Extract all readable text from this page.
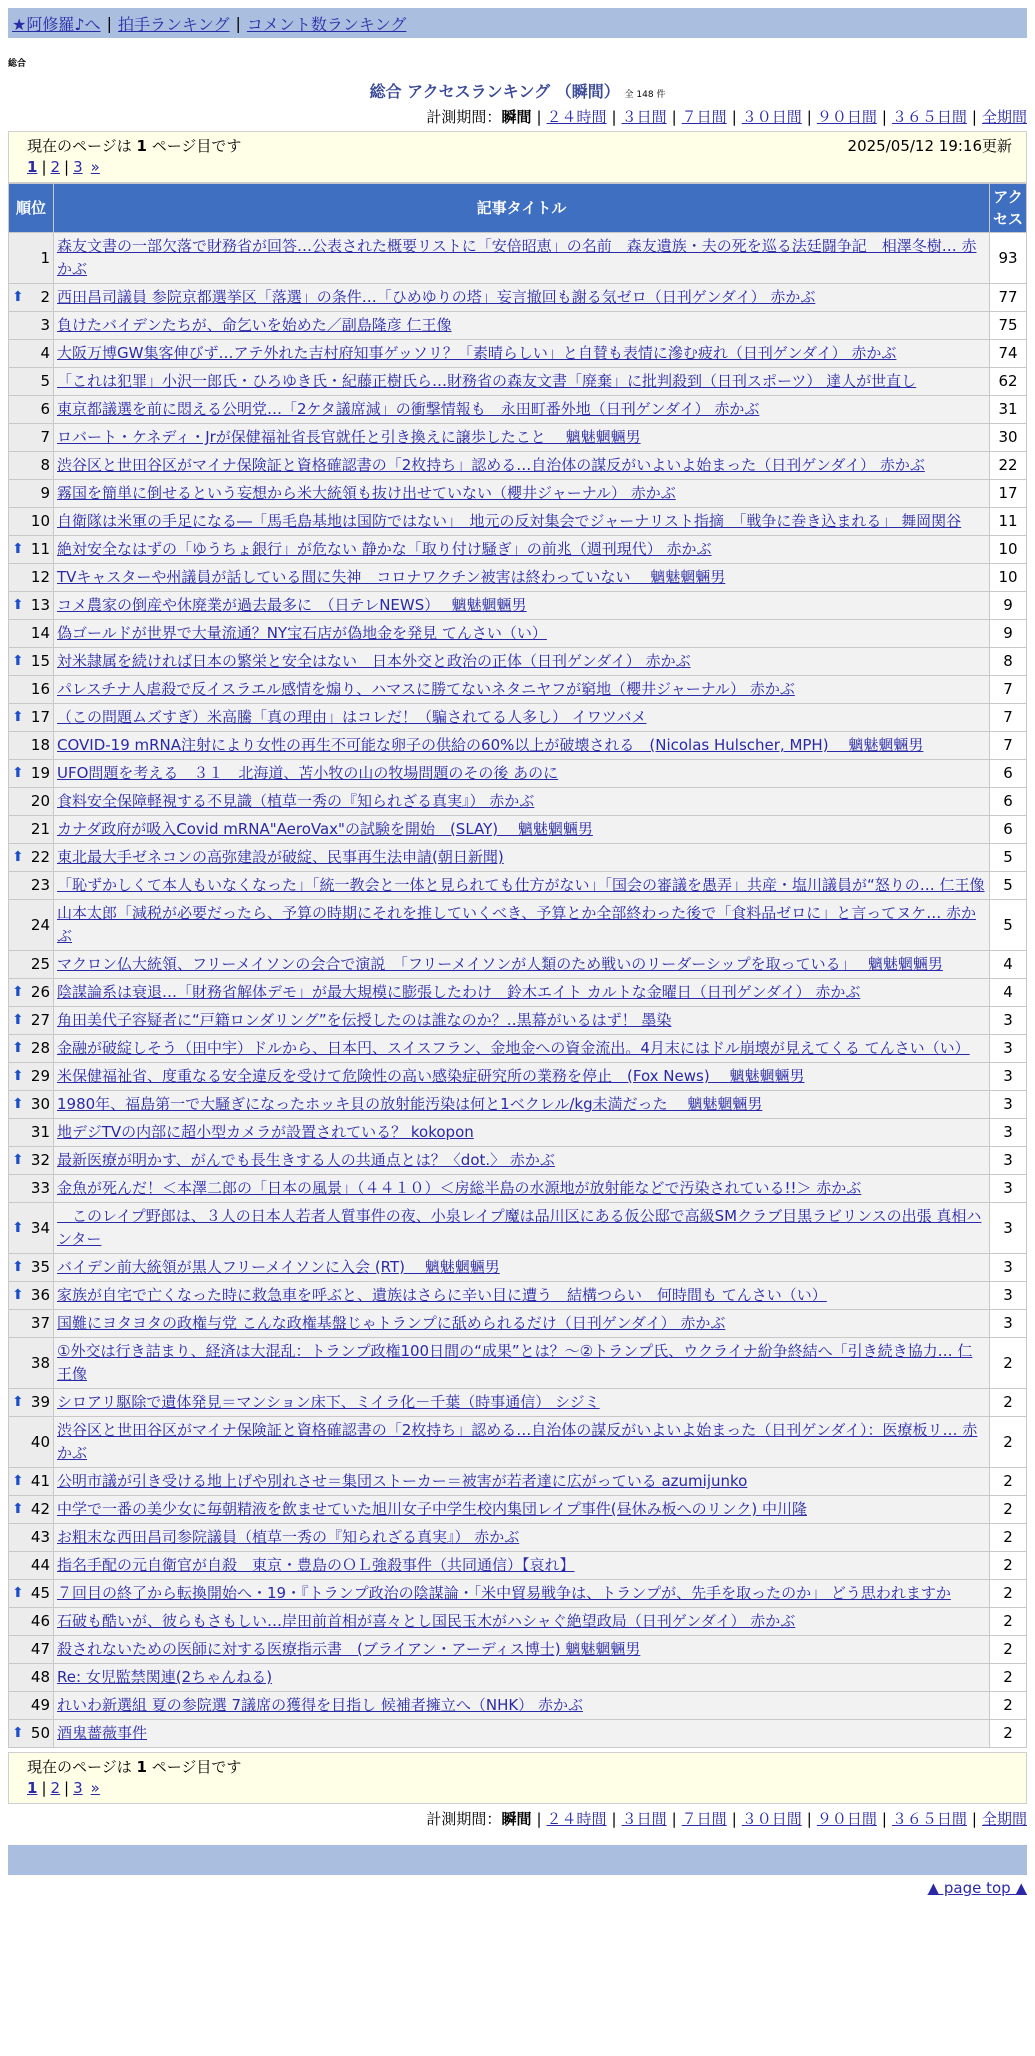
★阿修羅♪へ | 拍手ランキング | コメント数ランキング
総合
総合 アクセスランキング （瞬間） 全 148 件
計測期間：瞬間 | ２４時間 | ３日間 | ７日間 | ３０日間 | ９０日間 | ３６５日間 | 全期間
現在のページは 1 ページ目です	2025/05/12 19:16更新
1 | 2 | 3 »
順位	記事タイトル	アクセス
1	森友文書の一部欠落で財務省が回答…公表された概要リストに「安倍昭恵」の名前　森友遺族・夫の死を巡る法廷闘争記　相澤冬樹… 赤かぶ	93

⬆ 2	西田昌司議員 参院京都選挙区「落選」の条件…「ひめゆりの塔」妄言撤回も謝る気ゼロ（日刊ゲンダイ） 赤かぶ	77
3	負けたバイデンたちが、命乞いを始めた／副島隆彦 仁王像	75
4	大阪万博GW集客伸びず…アテ外れた吉村府知事ゲッソリ？「素晴らしい」と自賛も表情に滲む疲れ（日刊ゲンダイ） 赤かぶ	74
5	「これは犯罪」小沢一郎氏・ひろゆき氏・紀藤正樹氏ら…財務省の森友文書「廃棄」に批判殺到（日刊スポーツ） 達人が世直し	62
6	東京都議選を前に悶える公明党…「2ケタ議席減」の衝撃情報も　永田町番外地（日刊ゲンダイ） 赤かぶ	31
7	ロバート・ケネディ・Jrが保健福祉省長官就任と引き換えに譲歩したこと　 魑魅魍魎男	30
8	渋谷区と世田谷区がマイナ保険証と資格確認書の「2枚持ち」認める…自治体の謀反がいよいよ始まった（日刊ゲンダイ） 赤かぶ	22
9	霧国を簡単に倒せるという妄想から米大統領も抜け出せていない（櫻井ジャーナル） 赤かぶ	17
10	自衛隊は米軍の手足になる―「馬毛島基地は国防ではない」　地元の反対集会でジャーナリスト指摘　「戦争に巻き込まれる」 舞岡関谷	11

⬆ 11	絶対安全なはずの「ゆうちょ銀行」が危ない 静かな「取り付け騒ぎ」の前兆（週刊現代） 赤かぶ	10
12	TVキャスターや州議員が話している間に失神　コロナワクチン被害は終わっていない　 魑魅魍魎男	10

⬆ 13	コメ農家の倒産や休廃業が過去最多に　（日テレNEWS）　 魑魅魍魎男	9
14	偽ゴールドが世界で大量流通？NY宝石店が偽地金を発見 てんさい（い）	9

⬆ 15	対米隷属を続ければ日本の繁栄と安全はない　日本外交と政治の正体（日刊ゲンダイ） 赤かぶ	8
16	パレスチナ人虐殺で反イスラエル感情を煽り、ハマスに勝てないネタニヤフが窮地（櫻井ジャーナル） 赤かぶ	7

⬆ 17	（この問題ムズすぎ）米高騰「真の理由」はコレだ！（騙されてる人多し） イワツバメ	7
18	COVID-19 mRNA注射により女性の再生不可能な卵子の供給の60%以上が破壊される　(Nicolas Hulscher, MPH)　 魑魅魍魎男	7

⬆ 19	UFO問題を考える　３１　北海道、苫小牧の山の牧場問題のその後 あのに	6
20	食料安全保障軽視する不見識（植草一秀の『知られざる真実』） 赤かぶ	6
21	カナダ政府が吸入Covid mRNA"AeroVax"の試験を開始　(SLAY)　 魑魅魍魎男	6

⬆ 22	東北最大手ゼネコンの高弥建設が破綻、民事再生法申請(朝日新聞)	5
23	「恥ずかしくて本人もいなくなった」「統一教会と一体と見られても仕方がない」「国会の審議を愚弄」共産・塩川議員が“怒りの… 仁王像	5
24	山本太郎「減税が必要だったら、予算の時期にそれを推していくべき、予算とか全部終わった後で「食料品ゼロに」と言ってヌケ… 赤かぶ	5
25	マクロン仏大統領、フリーメイソンの会合で演説　「フリーメイソンが人類のため戦いのリーダーシップを取っている」　 魑魅魍魎男	4

⬆ 26	陰謀論系は衰退…「財務省解体デモ」が最大規模に膨張したわけ　鈴木エイト カルトな金曜日（日刊ゲンダイ） 赤かぶ	4

⬆ 27	角田美代子容疑者に“戸籍ロンダリング”を伝授したのは誰なのか？‥黒幕がいるはず！ 墨染	3

⬆ 28	金融が破綻しそう（田中宇）ドルから、日本円、スイスフラン、金地金への資金流出。4月末にはドル崩壊が見えてくる てんさい（い）	3

⬆ 29	米保健福祉省、度重なる安全違反を受けて危険性の高い感染症研究所の業務を停止　(Fox News)　 魑魅魍魎男	3

⬆ 30	1980年、福島第一で大騒ぎになったホッキ貝の放射能汚染は何と1ベクレル/kg未満だった　 魑魅魍魎男	3
31	地デジTVの内部に超小型カメラが設置されている？ kokopon	3

⬆ 32	最新医療が明かす、がんでも長生きする人の共通点とは？〈dot.〉 赤かぶ	3
33	金魚が死んだ！＜本澤二郎の「日本の風景」（４４１０）＜房総半島の水源地が放射能などで汚染されている!!＞ 赤かぶ	3

⬆ 34	　このレイプ野郎は、３人の日本人若者人質事件の夜、小泉レイプ魔は品川区にある仮公邸で高級SMクラブ目黒ラビリンスの出張 真相ハンター	3

⬆ 35	バイデン前大統領が黒人フリーメイソンに入会 (RT)　 魑魅魍魎男	3

⬆ 36	家族が自宅で亡くなった時に救急車を呼ぶと、遺族はさらに辛い目に遭う　結構つらい　何時間も てんさい（い）	3
37	国難にヨタヨタの政権与党 こんな政権基盤じゃトランプに舐められるだけ（日刊ゲンダイ） 赤かぶ	3
38	①外交は行き詰まり、経済は大混乱：トランプ政権100日間の“成果”とは？～②トランプ氏、ウクライナ紛争終結へ「引き続き協力… 仁王像	2

⬆ 39	シロアリ駆除で遺体発見＝マンション床下、ミイラ化－千葉（時事通信） シジミ	2
40	渋谷区と世田谷区がマイナ保険証と資格確認書の「2枚持ち」認める…自治体の謀反がいよいよ始まった（日刊ゲンダイ）：医療板リ… 赤かぶ	2

⬆ 41	公明市議が引き受ける地上げや別れさせ＝集団ストーカー＝被害が若者達に広がっている azumijunko	2

⬆ 42	中学で一番の美少女に毎朝精液を飲ませていた旭川女子中学生校内集団レイプ事件(昼休み板へのリンク) 中川隆	2
43	お粗末な西田昌司参院議員（植草一秀の『知られざる真実』） 赤かぶ	2
44	指名手配の元自衛官が自殺　東京・豊島のＯＬ強殺事件（共同通信）【哀れ】	2

⬆ 45	７回目の終了から転換開始へ・19・『トランプ政治の陰謀論・「米中貿易戦争は、トランプが、先手を取ったのか」 どう思われますか	2
46	石破も酷いが、彼らもさもしい…岸田前首相が喜々とし国民玉木がハシャぐ絶望政局（日刊ゲンダイ） 赤かぶ	2
47	殺されないための医師に対する医療指示書　(ブライアン・アーディス博士) 魑魅魍魎男	2
48	Re: 女児監禁関連(2ちゃんねる)	2
49	れいわ新選組 夏の参院選 7議席の獲得を目指し 候補者擁立へ（NHK） 赤かぶ	2

⬆ 50	酒鬼薔薇事件	2
現在のページは 1 ページ目です
1 | 2 | 3 »
計測期間：瞬間 | ２４時間 | ３日間 | ７日間 | ３０日間 | ９０日間 | ３６５日間 | 全期間
▲ page top ▲
